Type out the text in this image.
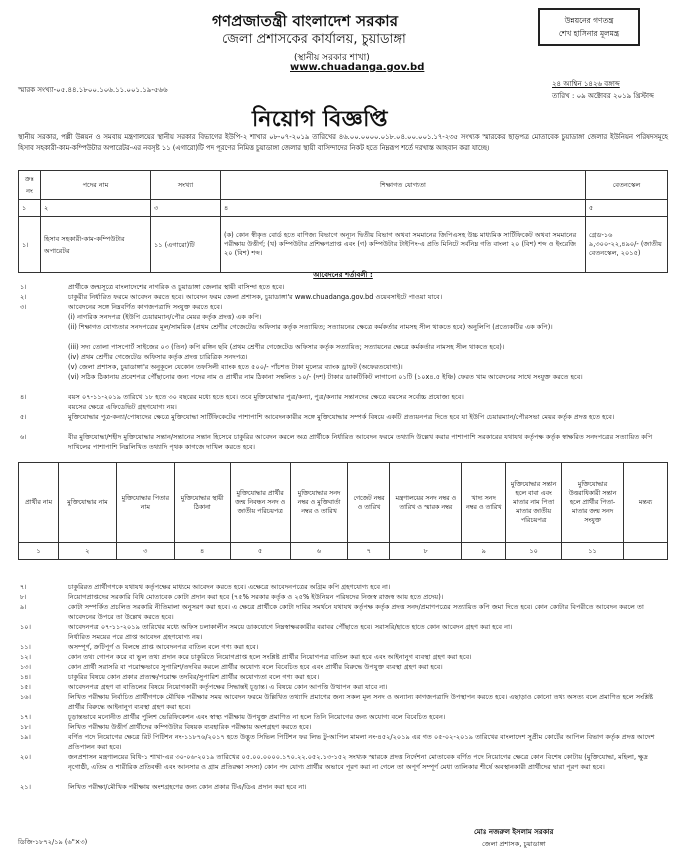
গণপ্রজাতন্ত্রী বাংলাদেশ সরকার
জেলা প্রশাসকের কার্যালয়, চুয়াডাঙ্গা
(স্থানীয় সরকার শাখা)
www.chuadanga.gov.bd
উন্নয়নের গণতন্ত্র
শেখ হাসিনার মূলমন্ত্র
স্মারক সংখ্যা-০৫.৪৪.১৮০০.১০৬.১১.০০১.১৯-৫৬৬
২৪ আশ্বিন ১৪২৬ বঙ্গাব্দ
তারিখ : ০৯ অক্টোবর ২০১৯ খ্রিস্টাব্দ
নিয়োগ বিজ্ঞপ্তি
স্থানীয় সরকার, পল্লী উন্নয়ন ও সমবায় মন্ত্রণালয়ের স্থানীয় সরকার বিভাগের ইউপি-২ শাখার ০৮-০৭-২০১৯ তারিখের ৪৬.০০.০০০০.০১৮.০৪.০০.০০১.১৭-২৩৫ সংখ্যক স্মারকের ছাড়পত্র মোতাবেক চুয়াডাঙ্গা জেলার ইউনিয়ন পরিষদসমূহে হিসাব সহকারী-কাম-কম্পিউটার অপারেটর-এর নবসৃষ্ট ১১ (এগারো)টি পদ পূরণের নিমিত্ত চুয়াডাঙ্গা জেলার স্থায়ী বাসিন্দাদের নিকট হতে নিম্নরূপ শর্তে দরখাস্ত আহবান করা যাচ্ছে।
ক্রঃ নং	পদের নাম	সংখ্যা	শিক্ষাগত যোগ্যতা	বেতনস্কেল
১	২	৩	৪	৫
১।	হিসাব সহকারী-কাম-কম্পিউটার অপারেটর	১১ (এগারো)টি	(ক) কোন স্বীকৃত বোর্ড হতে বাণিজ্য বিভাগে অন্যূন দ্বিতীয় বিভাগ অথবা সমমানের জিপিএসহ উচ্চ মাধ্যমিক সার্টিফিকেট অথবা সমমানের পরীক্ষায় উত্তীর্ণ; (খ) কম্পিউটার প্রশিক্ষণপ্রাপ্ত এবং (গ) কম্পিউটার টাইপিং-এ প্রতি মিনিটে সর্বনিম্ন গতি বাংলা ২০ (বিশ) শব্দ ও ইংরেজি ২০ (বিশ) শব্দ।	গ্রেড-১৬ ৯,৩০০-২২,৪৯০/- (জাতীয় বেতনস্কেল, ২০১৫)
আবেদনের শর্তাবলী :
১।	প্রার্থীকে জন্মসূত্রে বাংলাদেশের নাগরিক ও চুয়াডাঙ্গা জেলার স্থায়ী বাসিন্দা হতে হবে।
২।	চাকুরীর নির্ধারিত ফরমে আবেদন করতে হবে। আবেদন ফরম জেলা প্রশাসক, চুয়াডাঙ্গা'র www.chuadanga.gov.bd ওয়েবসাইটে পাওয়া যাবে।
৩।	আবেদনের সঙ্গে নিম্নবর্ণিত কাগজপত্রাদি সংযুক্ত করতে হবে।
(i) নাগরিক সনদপত্র (ইউপি চেয়ারম্যান/পৌর মেয়র কর্তৃক প্রদত্ত) এক কপি।
(ii) শিক্ষাগত যোগ্যতার সনদপত্রের মূল/সাময়িক (প্রথম শ্রেণীর গেজেটেড অফিসার কর্তৃক সত্যায়িত; সত্যায়নের ক্ষেত্রে কর্মকর্তার নামসহ সীল থাকতে হবে) অনুলিপি (প্রত্যেকটির এক কপি)।
(iii) সদ্য তোলা পাসপোর্ট সাইজের ০৩ (তিন) কপি রঙ্গিন ছবি (প্রথম শ্রেণীর গেজেটেড অফিসার কর্তৃক সত্যায়িত; সত্যায়নের ক্ষেত্রে কর্মকর্তার নামসহ সীল থাকতে হবে)।
(iv) প্রথম শ্রেণীর গেজেটেড অফিসার কর্তৃক প্রদত্ত চারিত্রিক সনদপত্র।
(v) জেলা প্রশাসক, চুয়াডাঙ্গা'র অনুকূলে যেকোন তফসিলী ব্যাংক হতে ৫০০/- পাঁচশত টাকা মূল্যের ব্যাংক ড্রাফট (অফেরতযোগ্য)।
(vi) সঠিক ঠিকানায় প্রবেশপত্র পৌঁছানোর জন্য পদের নাম ও প্রার্থীর নাম ঠিকানা সম্বলিত ১০/- (দশ) টাকার ডাকটিকিট লাগানো ০১টি (১০x৪.৫ ইঞ্চি) ফেরত খাম আবেদনের সাথে সংযুক্ত করতে হবে।
৪।	বয়স ০৭-১১-২০১৯ তারিখে ১৮ হতে ৩০ বছরের মধ্যে হতে হবে। তবে মুক্তিযোদ্ধার পুত্র/কন্যা, পুত্র/কন্যার সন্তানদের ক্ষেত্রে বয়সের সর্বোচ্চ প্রযোজ্য হবে।
বয়সের ক্ষেত্রে এফিডেভিট গ্রহণযোগ্য নয়।
৫।	মুক্তিযোদ্ধার পুত্র-কন্যা/পোষ্যদের ক্ষেত্রে মুক্তিযোদ্ধা সার্টিফিকেটের পাশাপাশি আবেদনকারীর সঙ্গে মুক্তিযোদ্ধার সম্পর্ক বিষয়ে একটি প্রত্যয়নপত্র দিতে হবে যা ইউপি চেয়ারম্যান/পৌরসভা মেয়র কর্তৃক প্রদত্ত হতে হবে।
৬।	বীর মুক্তিযোদ্ধা/শহীদ মুক্তিযোদ্ধার সন্তান/সন্তানের সন্তান হিসেবে চাকুরির আবেদন করলে অত্র প্রার্থীকে নির্ধারিত আবেদন ফরমে তথ্যাদি উল্লেখ করার পাশাপাশি সরকারের যথাযথ কর্তৃপক্ষ কর্তৃক স্বাক্ষরিত সনদপত্রের সত্যায়িত কপি দাখিলের পাশাপাশি নিম্নলিখিত তথ্যাদি পৃথক কাগজে দাখিল করতে হবে।
প্রার্থীর নাম	মুক্তিযোদ্ধার নাম	মুক্তিযোদ্ধার পিতার নাম	মুক্তিযোদ্ধার স্থায়ী ঠিকানা	মুক্তিযোদ্ধার প্রার্থীর জন্ম নিবন্ধন সনদ ও জাতীয় পরিচয়পত্র	মুক্তিযোদ্ধার সনদ নম্বর ও মুক্তিবার্তা নম্বর ও তারিখ	গেজেট নম্বর ও তারিখ	মন্ত্রণালয়ের সনদ নম্বর ও তারিখ ও স্মারক নম্বর	খাদ্য সনদ নম্বর ও তারিখ	মুক্তিযোদ্ধার সন্তান হলে বাবা এবং মাতার নাম পিতা মাতার জাতীয় পরিচয়পত্র	মুক্তিযোদ্ধার উত্তরাধিকারী সন্তান হলে প্রার্থীর পিতা-মাতার জন্ম সনদ সংযুক্ত	মন্তব্য
১	২	৩	৪	৫	৬	৭	৮	৯	১০	১১	
৭।	চাকুরিরত প্রার্থীগণকে যথাযথ কর্তৃপক্ষের মাধ্যমে আবেদন করতে হবে। এক্ষেত্রে আবেদনপত্রের অগ্রিম কপি গ্রহণযোগ্য হবে না।
৮।	নিয়োগপ্রাপ্তদের সরকারি বিধি মোতাবেক কোটা প্রদান করা হবে (৭৫% সরকার কর্তৃক ও ২৫% ইউনিয়ন পরিষদের নিজস্ব রাজস্ব আয় হতে প্রদেয়)।
৯।	কোটা সম্পর্কিত প্রচলিত সরকারি নীতিমালা অনুসরণ করা হবে। এ ক্ষেত্রে প্রার্থীকে কোটা দাবির সমর্থনে যথাযথ কর্তৃপক্ষ কর্তৃক প্রদত্ত সনদ/প্রমাণপত্রের সত্যায়িত কপি জমা দিতে হবে। কোন কোটার বিপরীতে আবেদন করলে তা আবেদনের উপরে তা উল্লেখ করতে হবে।
১০।	আবেদনপত্র ০৭-১১-২০১৯ তারিখের মধ্যে অফিস চলাকালীন সময়ে ডাকযোগে নিম্নস্বাক্ষরকারীর বরাবর পৌঁছাতে হবে। সরাসরি/হাতে হাতে কোন আবেদন গ্রহণ করা হবে না।
নির্ধারিত সময়ের পরে প্রাপ্ত আবেদন গ্রহণযোগ্য নয়।
১১।	অসম্পূর্ণ, ক্রটিপূর্ণ ও বিলম্বে প্রাপ্ত আবেদনপত্র বাতিল বলে গণ্য করা হবে।
১২।	কোন তথ্য গোপন করে বা ভুল তথ্য প্রদান করে চাকুরিতে নিয়োগপ্রাপ্ত হলে সংশ্লিষ্ট প্রার্থীর নিয়োগপত্র বাতিল করা হবে এবং আইনানুগ ব্যবস্থা গ্রহণ করা হবে।
১৩।	কোন প্রার্থী সরাসরি বা পরোক্ষভাবে সুপারিশ/তদবির করলে প্রার্থীর অযোগ্য বলে বিবেচিত হবে এবং প্রার্থীর বিরুদ্ধে উপযুক্ত ব্যবস্থা গ্রহণ করা হবে।
১৪।	চাকুরির বিষয়ে কোন প্রকার প্রত্যক্ষ/পরোক্ষ তদবির/সুপারিশ প্রার্থীর অযোগ্যতা বলে গণ্য করা হবে।
১৫।	আবেদনপত্র গ্রহণ বা বাতিলের বিষয়ে নিয়োগকারী কর্তৃপক্ষের সিদ্ধান্তই চূড়ান্ত। এ বিষয়ে কোন আপত্তি উত্থাপন করা যাবে না।
১৬।	লিখিত পরীক্ষায় নির্বাচিত প্রার্থীগণকে মৌখিক পরীক্ষার সময় আবেদন ফরমে উল্লিখিত তথ্যাদি প্রমাণের জন্য সকল মূল সনদ ও অন্যান্য কাগজপত্রাদি উপস্থাপন করতে হবে। এছাড়াও কোনো তথ্য অসত্য বলে প্রমাণিত হলে সংশ্লিষ্ট প্রার্থীর বিরুদ্ধে আইনানুগ ব্যবস্থা গ্রহণ করা হবে।
১৭।	চূড়ান্তভাবে মনোনীত প্রার্থীর পুলিশ ভেরিফিকেশন এবং স্বাস্থ্য পরীক্ষায় উপযুক্ত প্রমাণিত না হলে তিনি নিয়োগের জন্য অযোগ্য বলে বিবেচিত হবেন।
১৮।	লিখিত পরীক্ষায় উত্তীর্ণ প্রার্থীদের কম্পিউটার বিষয়ক ব্যবহারিক পরীক্ষায় অংশগ্রহণ করতে হবে।
১৯।	বর্ণিত পদে নিয়োগের ক্ষেত্রে রিট পিটিশন নং-১১৮৭৬/২০১৭ হতে উদ্ভূত সিভিল পিটিশন ফর লিভ টু-আপিল মামলা নং-৪৫২/২০১৯ এর গত ০৫-০২-২০১৯ তারিখের বাংলাদেশ সুপ্রীম কোর্টের আপিল বিভাগ কর্তৃক প্রদত্ত আদেশ প্রতিপালন করা হবে।
২০।	জনপ্রশাসন মন্ত্রণালয়ের বিধি-১ শাখা-এর ৩০-০৬-২০১৯ তারিখের ০৫.০০.০০০০.১৭০.২২.০৫২.১৩-১৫২ সংখ্যক স্মারকে প্রদত্ত নির্দেশনা মোতাবেক বর্ণিত পদে নিয়োগের ক্ষেত্রে কোন বিশেষ কোটায় (মুক্তিযোদ্ধা, মহিলা, ক্ষুদ্র নৃগোষ্ঠী, এতিম ও শারীরিক প্রতিবন্ধী এবং আনসার ও গ্রাম প্রতিরক্ষা সদস্য) কোন পদ যোগ্য প্রার্থীর অভাবে পূরণ করা না গেলে তা অপূর্ণ সম্পূর্ণ মেধা তালিকার শীর্ষে অবস্থানকারী প্রার্থীদের দ্বারা পূরণ করা হবে।
২১।	লিখিত পরীক্ষা/মৌখিক পরীক্ষায় অংশগ্রহণের জন্য কোন প্রকার টিএ/ডিএ প্রদান করা হবে না।
ডিজি-১৮৭২/১৯ (৬"×৩)
মোঃ নজরুল ইসলাম সরকার
জেলা প্রশাসক, চুয়াডাঙ্গা
